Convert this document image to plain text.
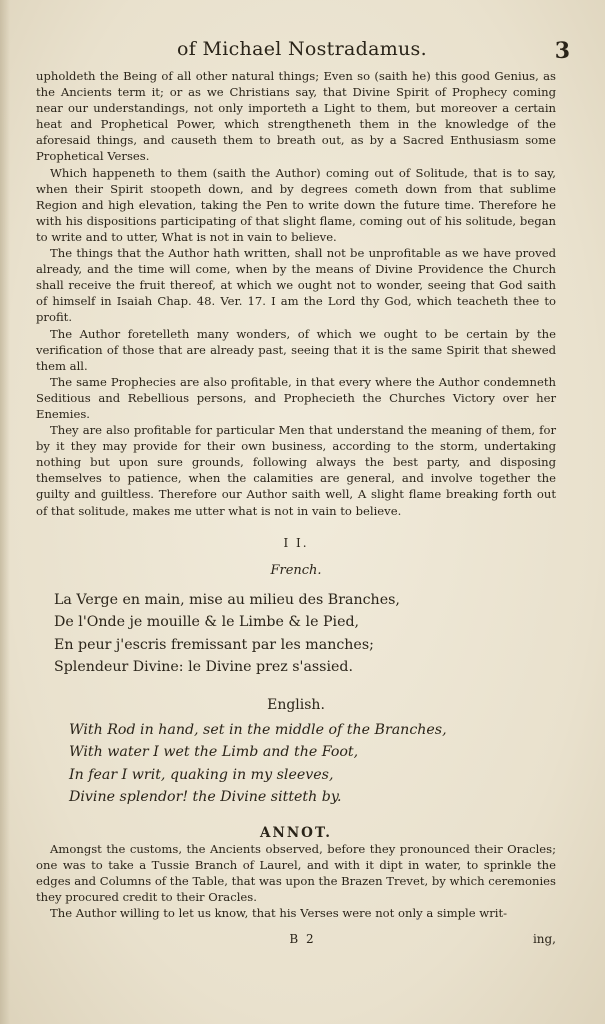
of Michael Nostradamus.	3

upholdeth the Being of all other natural things; Even so (saith he) this good Genius, as the Ancients term it; or as we Christians say, that Divine Spirit of Prophecy coming near our understandings, not only importeth a Light to them, but moreover a certain heat and Prophetical Power, which strengtheneth them in the knowledge of the aforesaid things, and causeth them to breath out, as by a Sacred Enthusiasm some Prophetical Verses.

Which happeneth to them (saith the Author) coming out of Solitude, that is to say, when their Spirit stoopeth down, and by degrees cometh down from that sublime Region and high elevation, taking the Pen to write down the future time. Therefore he with his dispositions participating of that slight flame, coming out of his solitude, began to write and to utter, What is not in vain to believe.

The things that the Author hath written, shall not be unprofitable as we have proved already, and the time will come, when by the means of Divine Providence the Church shall receive the fruit thereof, at which we ought not to wonder, seeing that God saith of himself in Isaiah Chap. 48. Ver. 17. I am the Lord thy God, which teacheth thee to profit.

The Author foretelleth many wonders, of which we ought to be certain by the verification of those that are already past, seeing that it is the same Spirit that shewed them all.

The same Prophecies are also profitable, in that every where the Author condemneth Seditious and Rebellious persons, and Prophecieth the Churches Victory over her Enemies.

They are also profitable for particular Men that understand the meaning of them, for by it they may provide for their own business, according to the storm, undertaking nothing but upon sure grounds, following always the best party, and disposing themselves to patience, when the calamities are general, and involve together the guilty and guiltless. Therefore our Author saith well, A slight flame breaking forth out of that solitude, makes me utter what is not in vain to believe.

I I.
French.
La Verge en main, mise au milieu des Branches,
De l'Onde je mouille & le Limbe & le Pied,
En peur j'escris fremissant par les manches;
Splendeur Divine: le Divine prez s'assied.
English.
With Rod in hand, set in the middle of the Branches,
With water I wet the Limb and the Foot,
In fear I writ, quaking in my sleeves,
Divine splendor! the Divine sitteth by.
ANNOT.

Amongst the customs, the Ancients observed, before they pronounced their Oracles; one was to take a Tussie Branch of Laurel, and with it dipt in water, to sprinkle the edges and Columns of the Table, that was upon the Brazen Trevet, by which ceremonies they procured credit to their Oracles.

The Author willing to let us know, that his Verses were not only a simple writ-

B 2	ing,
